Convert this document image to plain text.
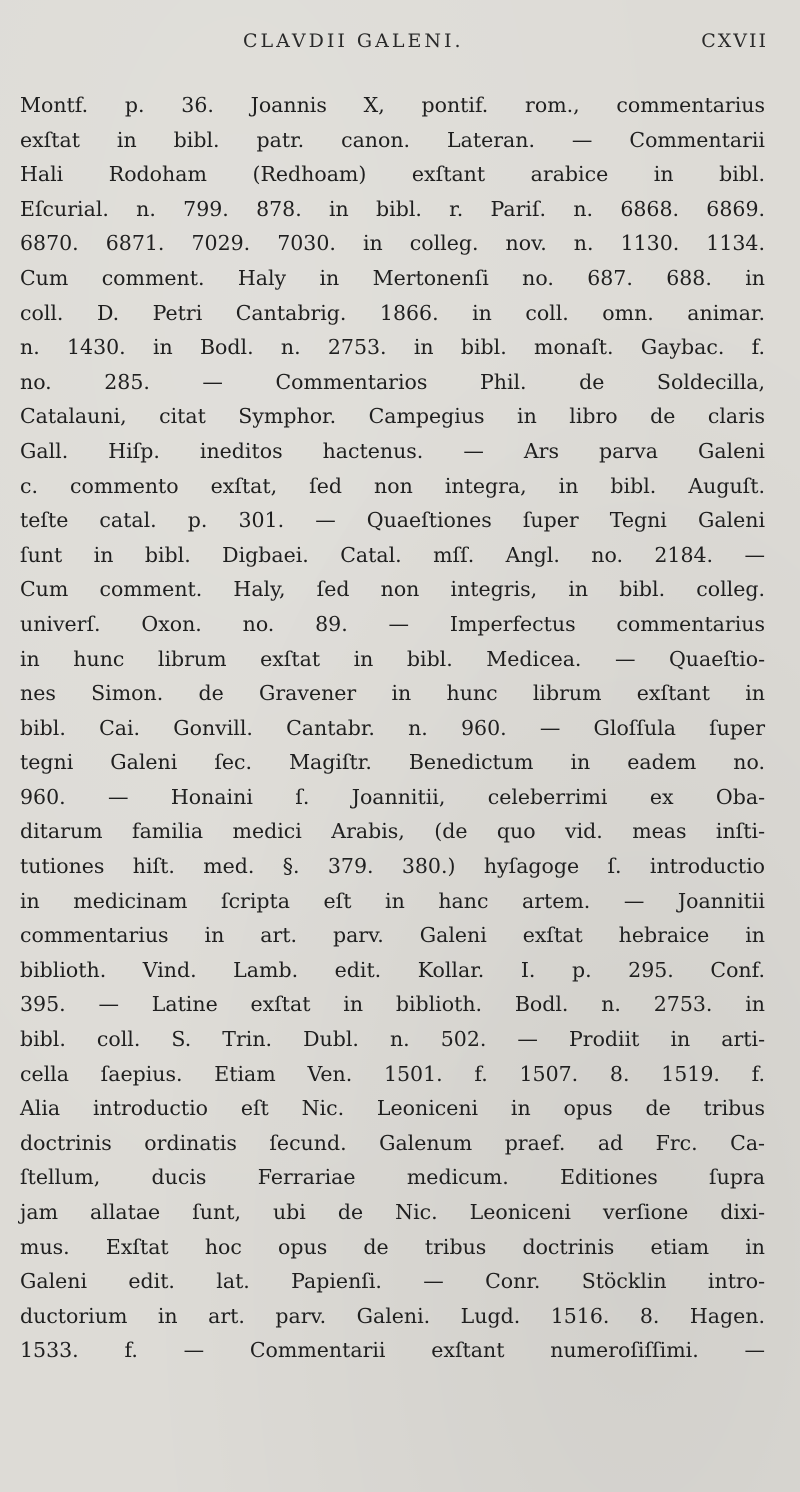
CLAVDII GALENI.	CXVII
Montf. p. 36. Joannis X, pontif. rom., commentarius
exſtat in bibl. patr. canon. Lateran. — Commentarii
Hali Rodoham (Redhoam) exſtant arabice in bibl.
Eſcurial. n. 799. 878. in bibl. r. Pariſ. n. 6868. 6869.
6870. 6871. 7029. 7030. in colleg. nov. n. 1130. 1134.
Cum comment. Haly in Mertonenſi no. 687. 688. in
coll. D. Petri Cantabrig. 1866. in coll. omn. animar.
n. 1430. in Bodl. n. 2753. in bibl. monaſt. Gaybac. f.
no. 285. — Commentarios Phil. de Soldecilla,
Catalauni, citat Symphor. Campegius in libro de claris
Gall. Hiſp. ineditos hactenus. — Ars parva Galeni
c. commento exſtat, ſed non integra, in bibl. Auguſt.
teſte catal. p. 301. — Quaeſtiones ſuper Tegni Galeni
ſunt in bibl. Digbaei. Catal. mſſ. Angl. no. 2184. —
Cum comment. Haly, ſed non integris, in bibl. colleg.
univerſ. Oxon. no. 89. — Imperfectus commentarius
in hunc librum exſtat in bibl. Medicea. — Quaeſtio-
nes Simon. de Gravener in hunc librum exſtant in
bibl. Cai. Gonvill. Cantabr. n. 960. — Gloſſula ſuper
tegni Galeni ſec. Magiſtr. Benedictum in eadem no.
960. — Honaini ſ. Joannitii, celeberrimi ex Oba-
ditarum familia medici Arabis, (de quo vid. meas inſti-
tutiones hiſt. med. §. 379. 380.) hyſagoge ſ. introductio
in medicinam ſcripta eſt in hanc artem. — Joannitii
commentarius in art. parv. Galeni exſtat hebraice in
biblioth. Vind. Lamb. edit. Kollar. I. p. 295. Conf.
395. — Latine exſtat in biblioth. Bodl. n. 2753. in
bibl. coll. S. Trin. Dubl. n. 502. — Prodiit in arti-
cella ſaepius. Etiam Ven. 1501. f. 1507. 8. 1519. f.
Alia introductio eſt Nic. Leoniceni in opus de tribus
doctrinis ordinatis ſecund. Galenum praef. ad Frc. Ca-
ſtellum, ducis Ferrariae medicum. Editiones ſupra
jam allatae ſunt, ubi de Nic. Leoniceni verſione dixi-
mus. Exſtat hoc opus de tribus doctrinis etiam in
Galeni edit. lat. Papienſi. — Conr. Stöcklin intro-
ductorium in art. parv. Galeni. Lugd. 1516. 8. Hagen.
1533. f. — Commentarii exſtant numeroſiſſimi. —
